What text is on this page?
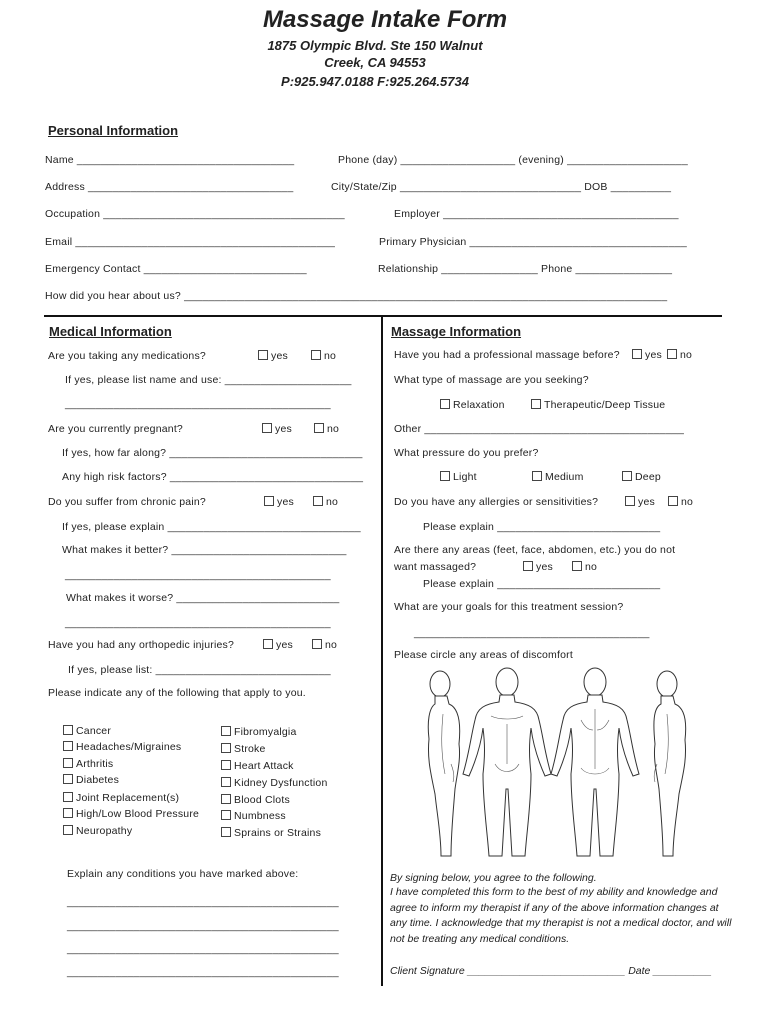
Massage Intake Form
1875 Olympic Blvd. Ste 150 Walnut
Creek, CA 94553
P:925.947.0188 F:925.264.5734
Personal Information
Name ____________________________________	Phone (day) ___________________ (evening) ____________________
Address __________________________________	City/State/Zip ______________________________ DOB __________
Occupation ________________________________________	Employer _______________________________________
Email ___________________________________________	Primary Physician ____________________________________
Emergency Contact ___________________________	Relationship ________________ Phone ________________
How did you hear about us? ________________________________________________________________________________
Medical Information
Are you taking any medications?	yes	no
If yes, please list name and use: _____________________
____________________________________________
Are you currently pregnant?	yes	no
If yes, how far along? ________________________________
Any high risk factors? ________________________________
Do you suffer from chronic pain?	yes	no
If yes, please explain ________________________________
What makes it better? _____________________________
____________________________________________
What makes it worse? ___________________________
____________________________________________
Have you had any orthopedic injuries?	yes	no
If yes, please list: _____________________________
Please indicate any of the following that apply to you.
Cancer
Headaches/Migraines
Arthritis
Diabetes
Joint Replacement(s)
High/Low Blood Pressure
Neuropathy
Fibromyalgia
Stroke
Heart Attack
Kidney Dysfunction
Blood Clots
Numbness
Sprains or Strains
Explain any conditions you have marked above:
_____________________________________________
_____________________________________________
_____________________________________________
_____________________________________________
Massage Information
Have you had a professional massage before?	yes	no
What type of massage are you seeking?
Relaxation	Therapeutic/Deep Tissue
Other ___________________________________________
What pressure do you prefer?
Light	Medium	Deep
Do you have any allergies or sensitivities?	yes	no
Please explain ___________________________
Are there any areas (feet, face, abdomen, etc.) you do not
want massaged?	yes	no
Please explain ___________________________
What are your goals for this treatment session?
_______________________________________
Please circle any areas of discomfort
By signing below, you agree to the following.
I have completed this form to the best of my ability and knowledge and agree to inform my therapist if any of the above information changes at any time. I acknowledge that my therapist is not a medical doctor, and will not be treating any medical conditions.
Client Signature ___________________________ Date __________
